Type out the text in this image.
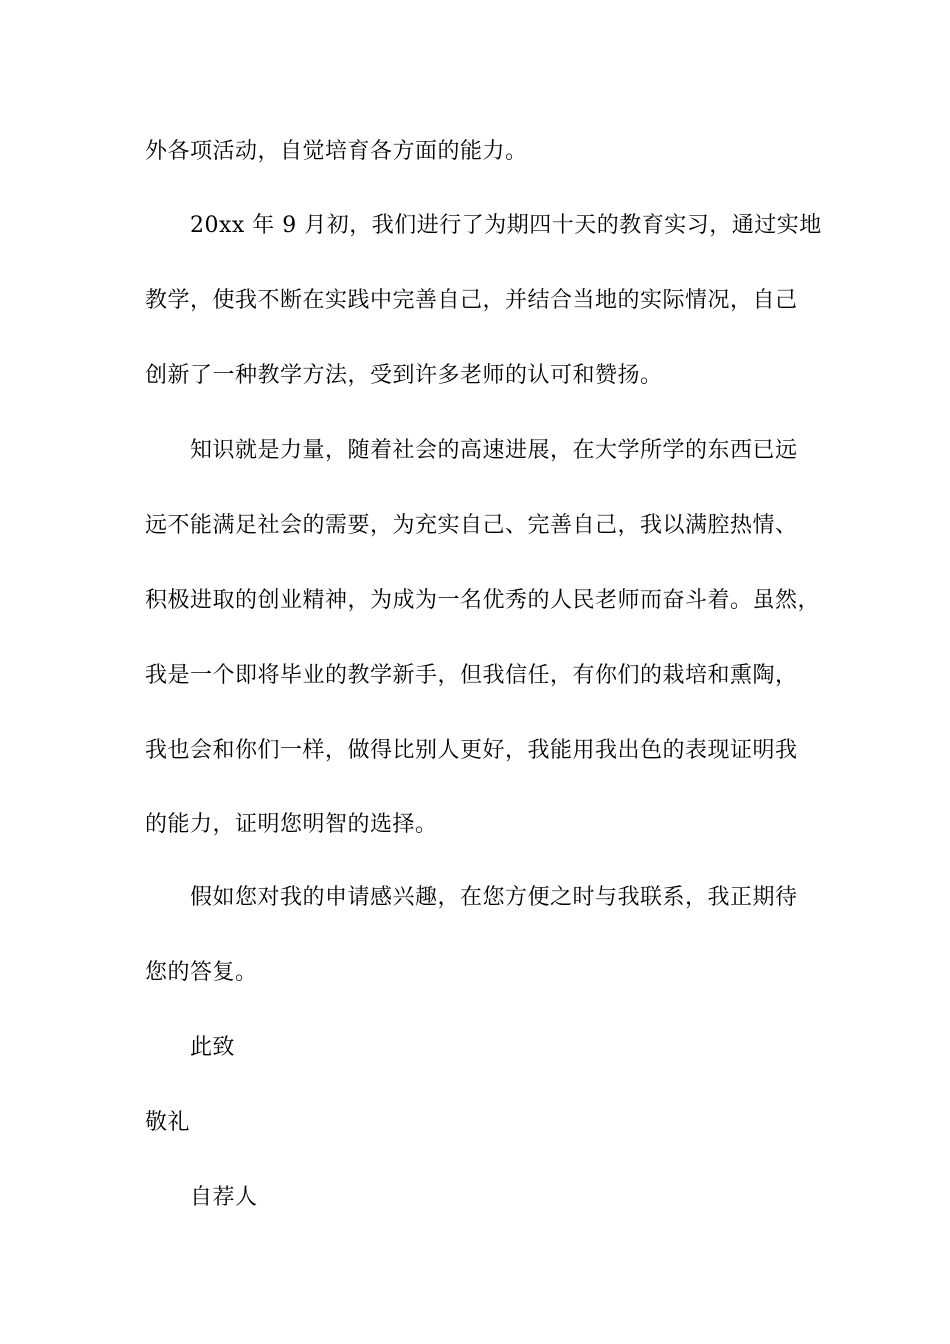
外各项活动，自觉培育各方面的能力。
20xx 年 9 月初，我们进行了为期四十天的教育实习，通过实地
教学，使我不断在实践中完善自己，并结合当地的实际情况，自己
创新了一种教学方法，受到许多老师的认可和赞扬。
知识就是力量，随着社会的高速进展，在大学所学的东西已远
远不能满足社会的需要，为充实自己、完善自己，我以满腔热情、
积极进取的创业精神，为成为一名优秀的人民老师而奋斗着。虽然，
我是一个即将毕业的教学新手，但我信任，有你们的栽培和熏陶，
我也会和你们一样，做得比别人更好，我能用我出色的表现证明我
的能力，证明您明智的选择。
假如您对我的申请感兴趣，在您方便之时与我联系，我正期待
您的答复。
此致
敬礼
自荐人
